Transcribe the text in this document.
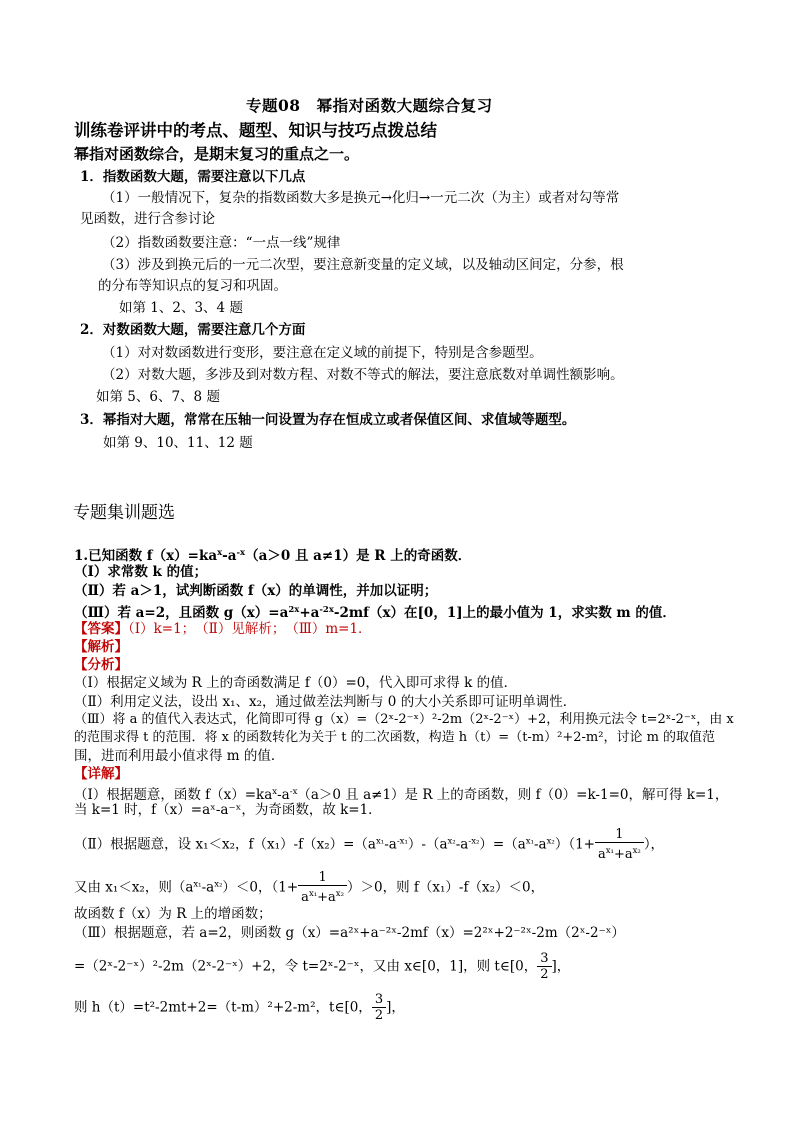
专题08　幂指对函数大题综合复习
训练卷评讲中的考点、题型、知识与技巧点拨总结
幂指对函数综合，是期末复习的重点之一。
1．指数函数大题，需要注意以下几点
（1）一般情况下，复杂的指数函数大多是换元→化归→一元二次（为主）或者对勾等常
见函数，进行含参讨论
（2）指数函数要注意：“一点一线”规律
（3）涉及到换元后的一元二次型，要注意新变量的定义域，以及轴动区间定，分参，根
的分布等知识点的复习和巩固。
如第 1、2、3、4 题
2．对数函数大题，需要注意几个方面
（1）对对数函数进行变形，要注意在定义域的前提下，特别是含参题型。
（2）对数大题，多涉及到对数方程、对数不等式的解法，要注意底数对单调性额影响。
如第 5、6、7、8 题
3．幂指对大题，常常在压轴一问设置为存在恒成立或者保值区间、求值域等题型。
如第 9、10、11、12 题
专题集训题选
1.已知函数 $f(x)=ka^x-a^{-x}(a>0$ 且 a≠1）是 R 上的奇函数．
（Ⅰ）求常数 k 的值；
（Ⅱ）若 a＞1，试判断函数 f（x）的单调性，并加以证明；
（Ⅲ）若 a=2，且函数 $g(x)=a^{2x}+a^{-2x}-2mf(x)$在[0，1]上的最小值为 1，求实数 m 的值．
【答案】（Ⅰ）k=1；　（Ⅱ）见解析；　（Ⅲ）m=1．
【解析】
【分析】
（Ⅰ）根据定义域为 R 上的奇函数满足 f（0）=0，代入即可求得 k 的值．
（Ⅱ）利用定义法，设出 x₁、x₂，通过做差法判断与 0 的大小关系即可证明单调性．
（Ⅲ）将 a 的值代入表达式，化简即可得 g（x）=（2ˣ-2⁻ˣ）²-2m（2ˣ-2⁻ˣ）+2，利用换元法令 t=2ˣ-2⁻ˣ，由 x
的范围求得 t 的范围．将 x 的函数转化为关于 t 的二次函数，构造 h（t）=（t-m）²+2-m²，讨论 m 的取值范
围，进而利用最小值求得 m 的值．
【详解】
（Ⅰ）根据题意，函数 $f(x)=ka^x-a^{-x}(a>0$ 且 a≠1）是 R 上的奇函数，则 f（0）=k-1=0，解可得 k=1，
当 k=1 时，f（x）=aˣ-a⁻ˣ，为奇函数，故 k=1．
（Ⅱ）根据题意，设 x₁＜x₂，$f(x_1)-f(x_2)=(a^{x_1}-a^{-x_1})-(a^{x_2}-a^{-x_2})=(a^{x_1}-a^{x_2})(1+ \frac{1}{a^{x_1}+a^{x_2}}$ ），
又由 x₁＜x₂，则$(a^{x_1}-a^{x_2})<0$，$(1+ \frac{1}{a^{x_1}+a^{x_2}} )>0$，则 f（x₁）-f（x₂）＜0，
故函数 f（x）为 R 上的增函数；
（Ⅲ）根据题意，若 a=2，则函数 g（x）=a²ˣ+a⁻²ˣ-2mf（x）=2²ˣ+2⁻²ˣ-2m（2ˣ-2⁻ˣ）
=（2ˣ-2⁻ˣ）²-2m（2ˣ-2⁻ˣ）+2，令 t=2ˣ-2⁻ˣ，又由 x∈[0，1]，则 t∈[0， $\frac{3}{2}$ ]，
则 h（t）=t²-2mt+2=（t-m）²+2-m²，t∈[0， $\frac{3}{2}$ ]，
